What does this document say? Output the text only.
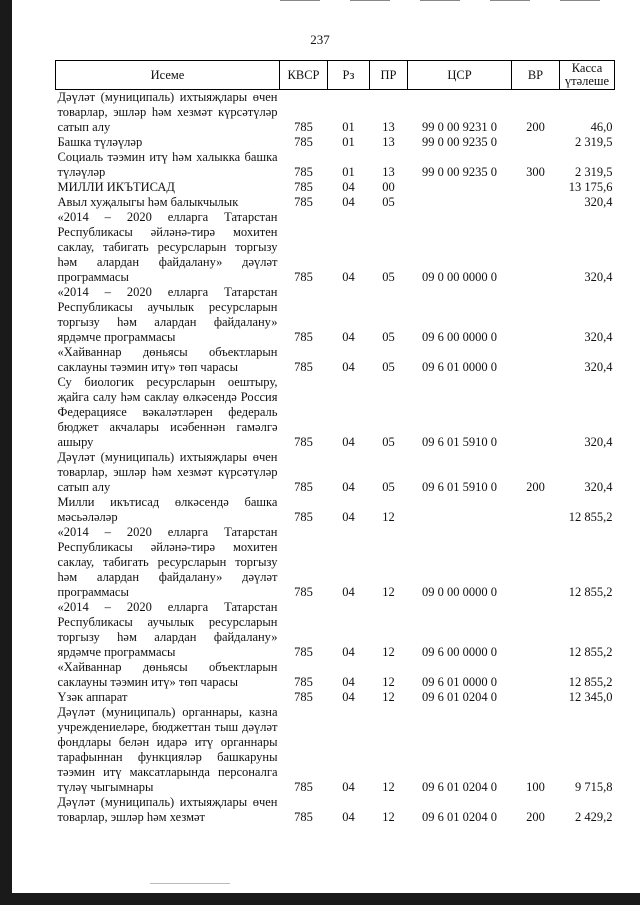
237
Исеме	КВСР	Рз	ПР	ЦСР	ВР	Касса
үтәлеше

Дәүләт (муниципаль) ихтыяҗлары өчен товарлар, эшләр һәм хезмәт күрсәтүләр сатып алу	785	01	13	99 0 00 9231 0	200	46,0
Башка түләүләр	785	01	13	99 0 00 9235 0		2 319,5
Социаль тәэмин итү һәм халыкка башка түләүләр	785	01	13	99 0 00 9235 0	300	2 319,5
МИЛЛИ ИКЪТИСАД	785	04	00			13 175,6
Авыл хуҗалыгы һәм балыкчылык	785	04	05			320,4
«2014 – 2020 елларга Татарстан Республикасы әйләнә-тирә мохитен саклау, табигать ресурсларын торгызу һәм алардан файдалану» дәүләт программасы	785	04	05	09 0 00 0000 0		320,4
«2014 – 2020 елларга Татарстан Республикасы аучылык ресурсларын торгызу һәм алардан файдалану» ярдәмче программасы	785	04	05	09 6 00 0000 0		320,4
«Хайваннар дөньясы объектларын саклауны тәэмин итү» төп чарасы	785	04	05	09 6 01 0000 0		320,4
Су биологик ресурсларын оештыру, җайга салу һәм саклау өлкәсендә Россия Федерациясе вәкаләтләрен федераль бюджет акчалары исәбеннән гамәлгә ашыру	785	04	05	09 6 01 5910 0		320,4
Дәүләт (муниципаль) ихтыяҗлары өчен товарлар, эшләр һәм хезмәт күрсәтүләр сатып алу	785	04	05	09 6 01 5910 0	200	320,4
Милли икътисад өлкәсендә башка мәсьәләләр	785	04	12			12 855,2
«2014 – 2020 елларга Татарстан Республикасы әйләнә-тирә мохитен саклау, табигать ресурсларын торгызу һәм алардан файдалану» дәүләт программасы	785	04	12	09 0 00 0000 0		12 855,2
«2014 – 2020 елларга Татарстан Республикасы аучылык ресурсларын торгызу һәм алардан файдалану» ярдәмче программасы	785	04	12	09 6 00 0000 0		12 855,2
«Хайваннар дөньясы объектларын саклауны тәэмин итү» төп чарасы	785	04	12	09 6 01 0000 0		12 855,2
Үзәк аппарат	785	04	12	09 6 01 0204 0		12 345,0
Дәүләт (муниципаль) органнары, казна учреждениеләре, бюджеттан тыш дәүләт фондлары белән идарә итү органнары тарафыннан функцияләр башкаруны тәэмин итү максатларында персоналга түләү чыгымнары	785	04	12	09 6 01 0204 0	100	9 715,8
Дәүләт (муниципаль) ихтыяҗлары өчен товарлар, эшләр һәм хезмәт	785	04	12	09 6 01 0204 0	200	2 429,2
